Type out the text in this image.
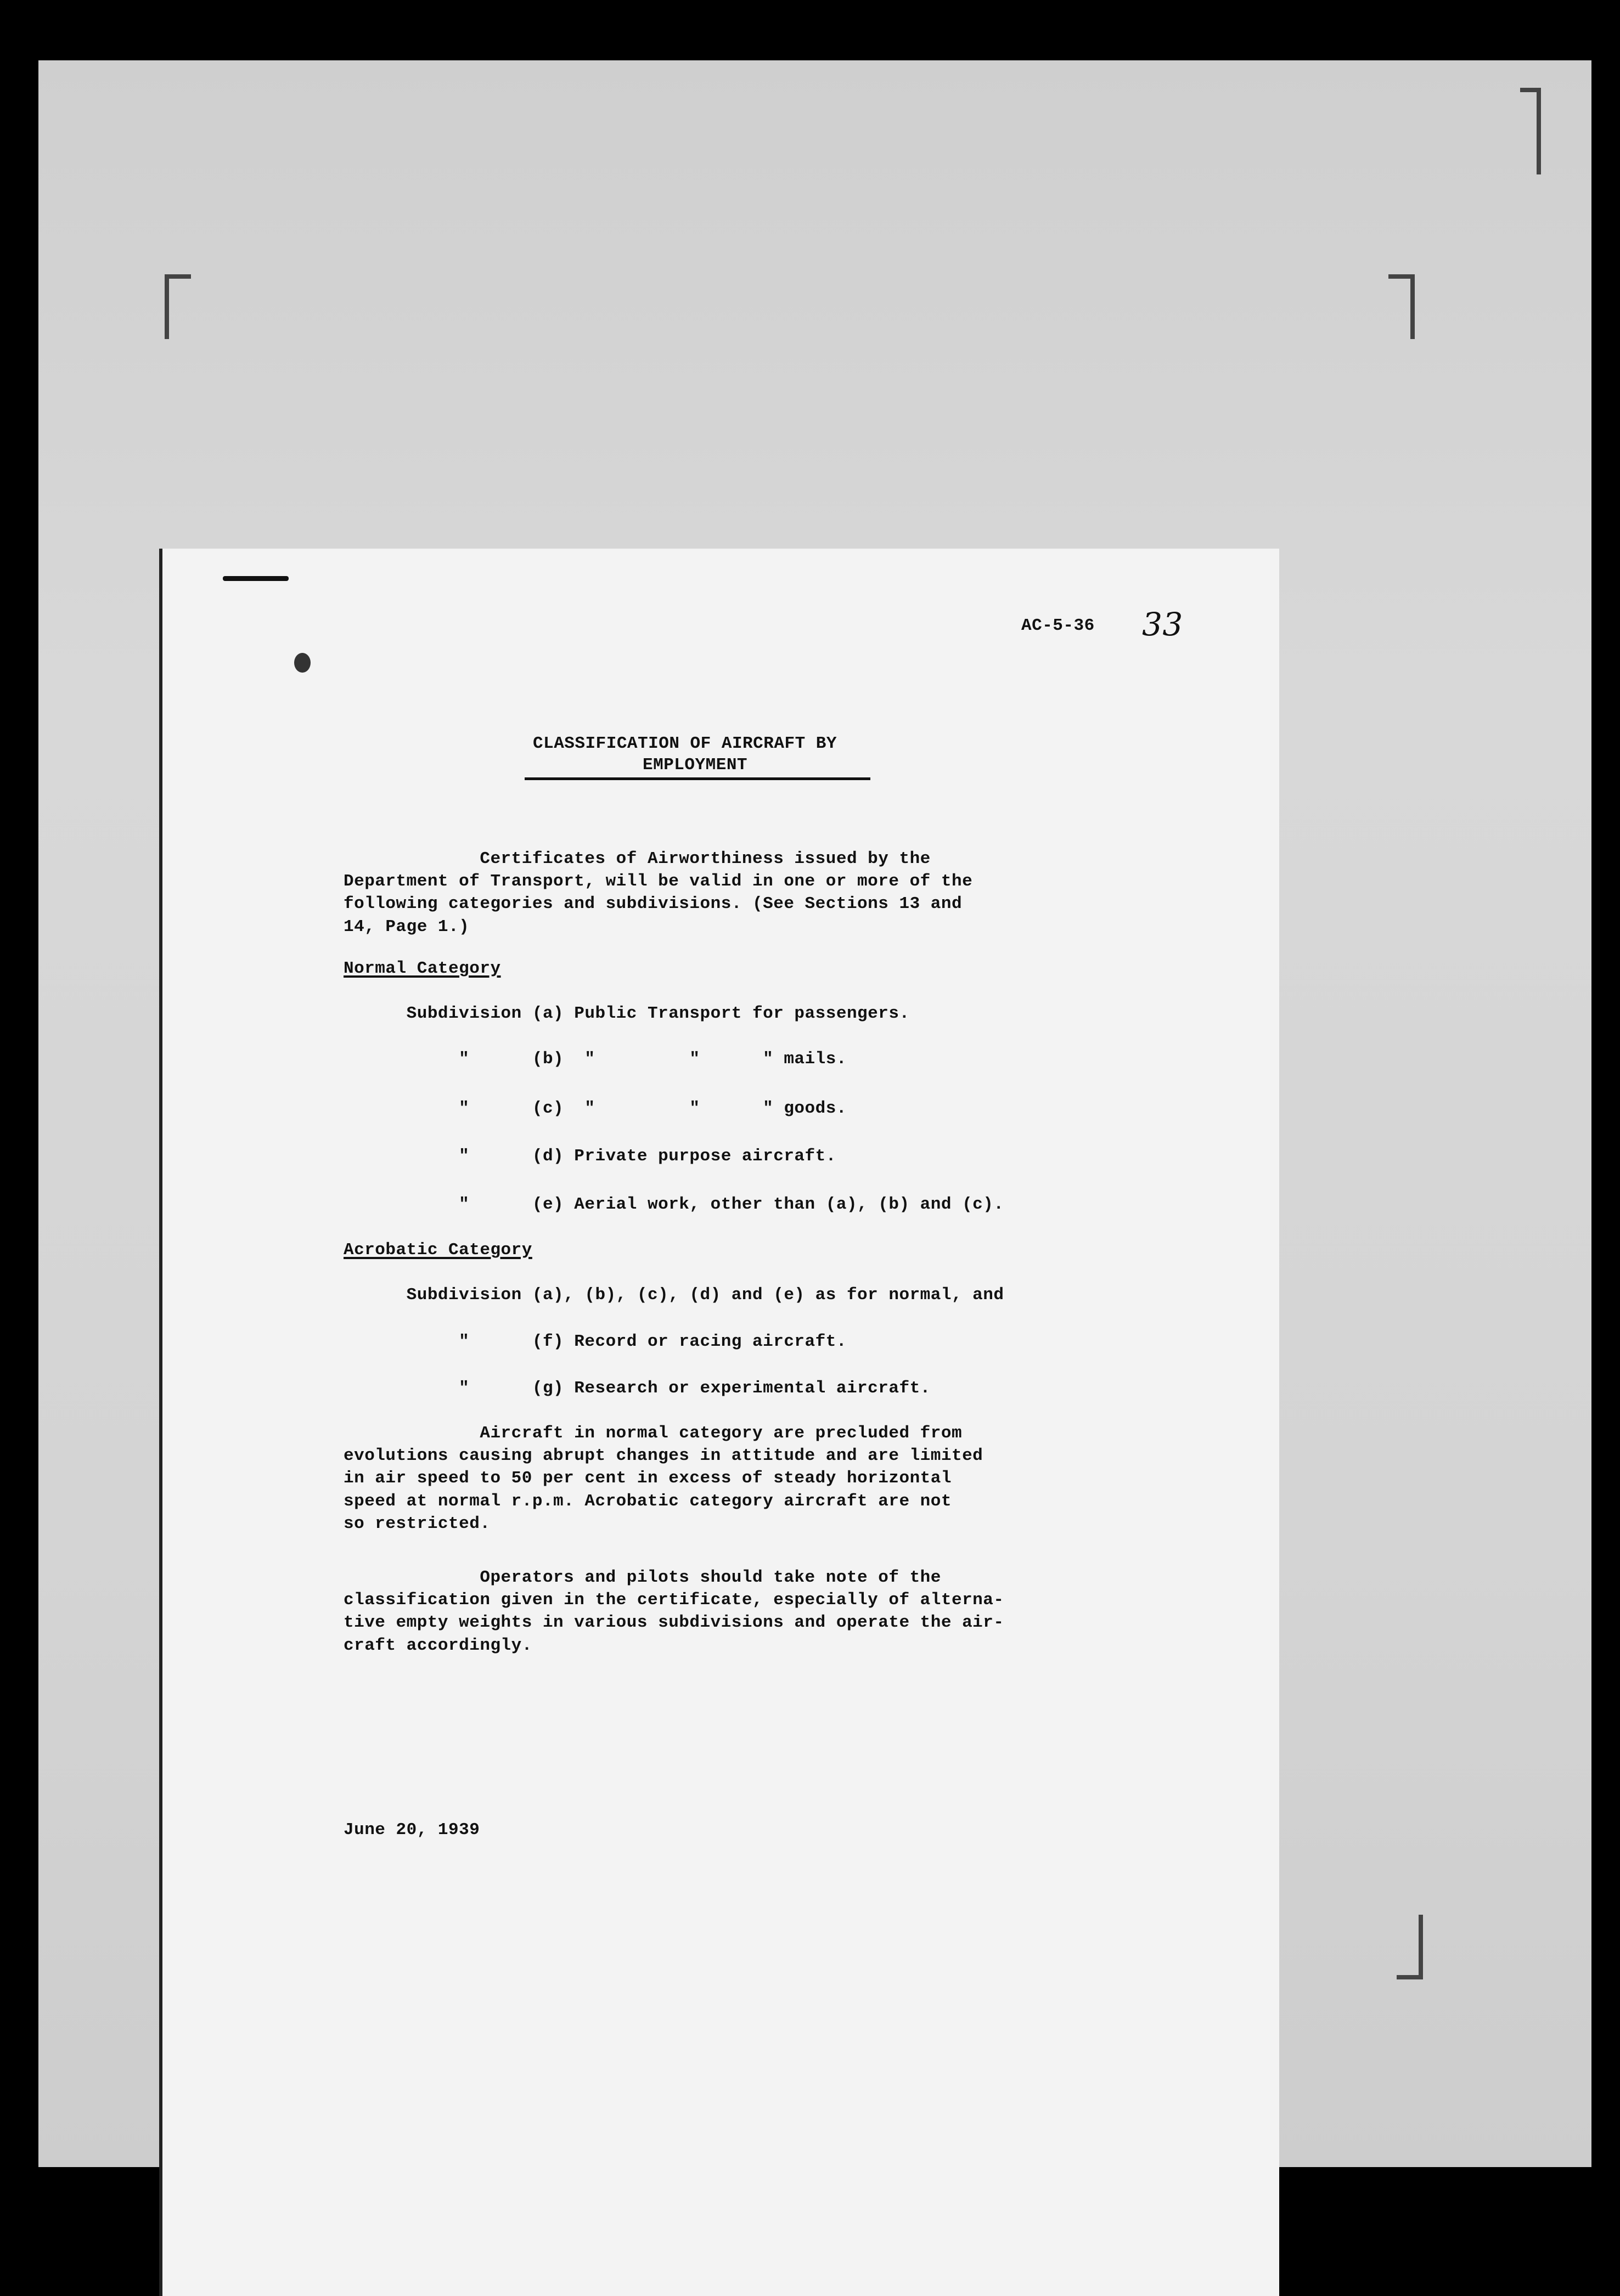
AC-5-36 33
CLASSIFICATION OF AIRCRAFT BY
EMPLOYMENT
Certificates of Airworthiness issued by the
Department of Transport, will be valid in one or more of the
following categories and subdivisions. (See Sections 13 and
14, Page 1.)
Normal Category
Subdivision (a) Public Transport for passengers.
"      (b)  "         "      " mails.
"      (c)  "         "      " goods.
"      (d) Private purpose aircraft.
"      (e) Aerial work, other than (a), (b) and (c).
Acrobatic Category
Subdivision (a), (b), (c), (d) and (e) as for normal, and
"      (f) Record or racing aircraft.
"      (g) Research or experimental aircraft.
Aircraft in normal category are precluded from
evolutions causing abrupt changes in attitude and are limited
in air speed to 50 per cent in excess of steady horizontal
speed at normal r.p.m. Acrobatic category aircraft are not
so restricted.
Operators and pilots should take note of the
classification given in the certificate, especially of alterna-
tive empty weights in various subdivisions and operate the air-
craft accordingly.
June 20, 1939
